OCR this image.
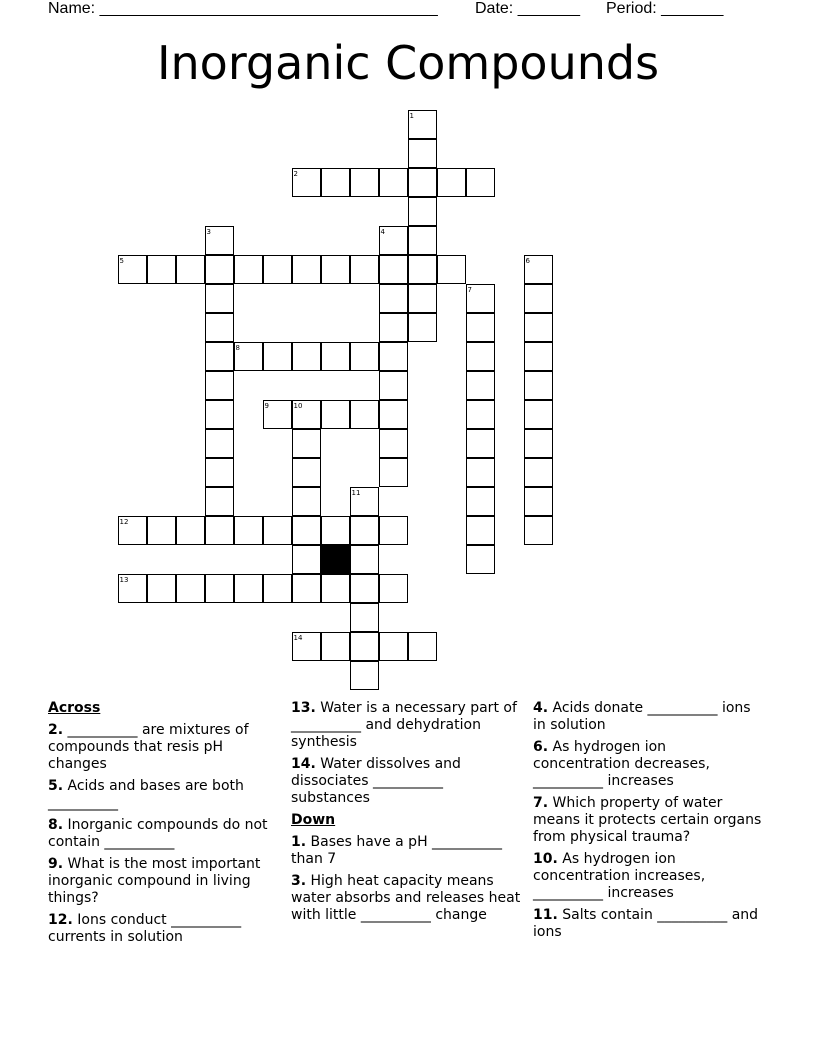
Name: ______________________________________ Date: _______ Period: _______
Inorganic Compounds
1
2
3	4
5	6
7
8
9	10
11
12
13
14
Across
2. __________ are mixtures of compounds that resis pH changes
5. Acids and bases are both __________
8. Inorganic compounds do not contain __________
9. What is the most important inorganic compound in living things?
12. Ions conduct __________ currents in solution
13. Water is a necessary part of __________ and dehydration synthesis
14. Water dissolves and dissociates __________ substances
Down
1. Bases have a pH __________ than 7
3. High heat capacity means water absorbs and releases heat with little __________ change
4. Acids donate __________ ions in solution
6. As hydrogen ion concentration decreases, __________ increases
7. Which property of water means it protects certain organs from physical trauma?
10. As hydrogen ion concentration increases, __________ increases
11. Salts contain __________ and ions
